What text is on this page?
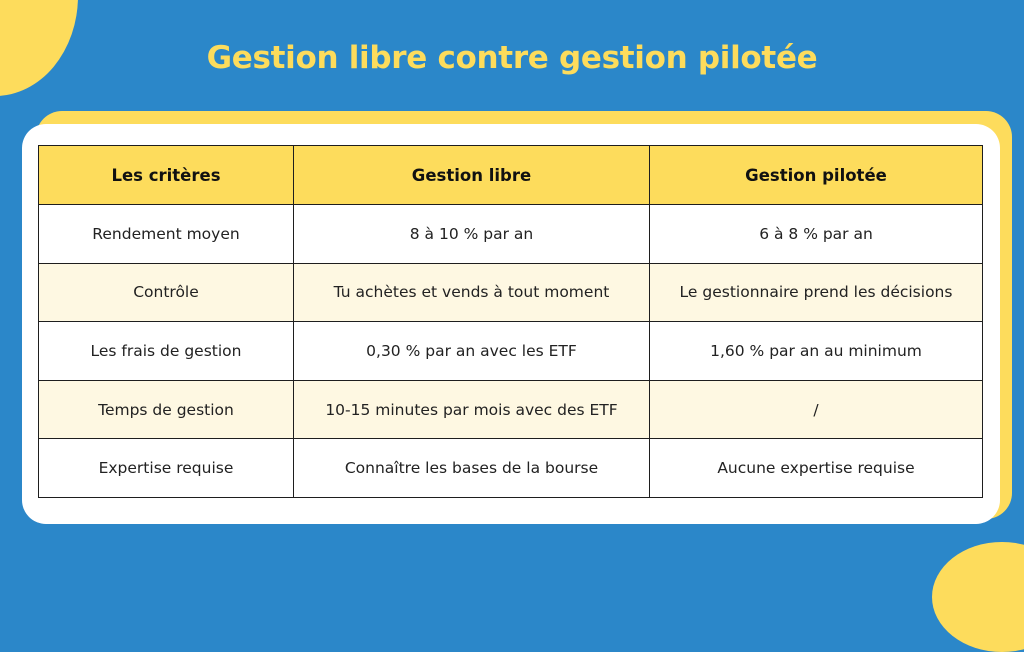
Gestion libre contre gestion pilotée
Les critères	Gestion libre	Gestion pilotée
Rendement moyen	8 à 10 % par an	6 à 8 % par an
Contrôle	Tu achètes et vends à tout moment	Le gestionnaire prend les décisions
Les frais de gestion	0,30 % par an avec les ETF	1,60 % par an au minimum
Temps de gestion	10-15 minutes par mois avec des ETF	/
Expertise requise	Connaître les bases de la bourse	Aucune expertise requise
